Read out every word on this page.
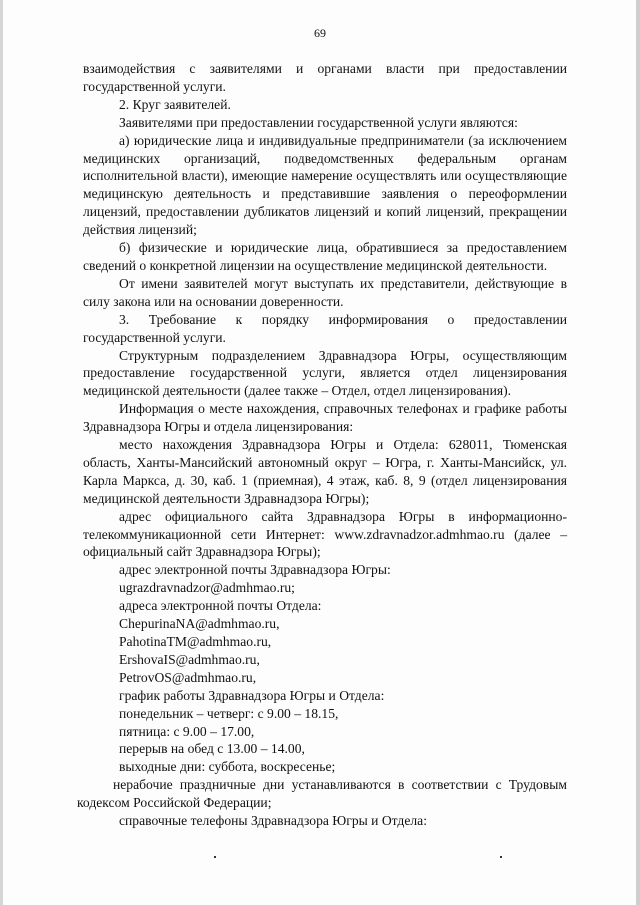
69

взаимодействия с заявителями и органами власти при предоставлении государственной услуги.

2. Круг заявителей.

Заявителями при предоставлении государственной услуги являются:

а) юридические лица и индивидуальные предприниматели (за исключением медицинских организаций, подведомственных федеральным органам исполнительной власти), имеющие намерение осуществлять или осуществляющие медицинскую деятельность и представившие заявления о переоформлении лицензий, предоставлении дубликатов лицензий и копий лицензий, прекращении действия лицензий;

б) физические и юридические лица, обратившиеся за предоставлением сведений о конкретной лицензии на осуществление медицинской деятельности.

От имени заявителей могут выступать их представители, действующие в силу закона или на основании доверенности.

3. Требование к порядку информирования о предоставлении государственной услуги.

Структурным подразделением Здравнадзора Югры, осуществляющим предоставление государственной услуги, является отдел лицензирования медицинской деятельности (далее также – Отдел, отдел лицензирования).

Информация о месте нахождения, справочных телефонах и графике работы Здравнадзора Югры и отдела лицензирования:

место нахождения Здравнадзора Югры и Отдела: 628011, Тюменская область, Ханты-Мансийский автономный округ – Югра, г. Ханты-Мансийск, ул. Карла Маркса, д. 30, каб. 1 (приемная), 4 этаж, каб. 8, 9 (отдел лицензирования медицинской деятельности Здравнадзора Югры);

адрес официального сайта Здравнадзора Югры в информационно-телекоммуникационной сети Интернет: www.zdravnadzor.admhmao.ru (далее – официальный сайт Здравнадзора Югры);

адрес электронной почты Здравнадзора Югры:

ugrazdravnadzor@admhmao.ru;

адреса электронной почты Отдела:

ChepurinaNA@admhmao.ru,

PahotinaTM@admhmao.ru,

ErshovaIS@admhmao.ru,

PetrovOS@admhmao.ru,

график работы Здравнадзора Югры и Отдела:

понедельник – четверг: с 9.00 – 18.15,

пятница: с 9.00 – 17.00,

перерыв на обед с 13.00 – 14.00,

выходные дни: суббота, воскресенье;

нерабочие праздничные дни устанавливаются в соответствии с Трудовым кодексом Российской Федерации;

справочные телефоны Здравнадзора Югры и Отдела:
